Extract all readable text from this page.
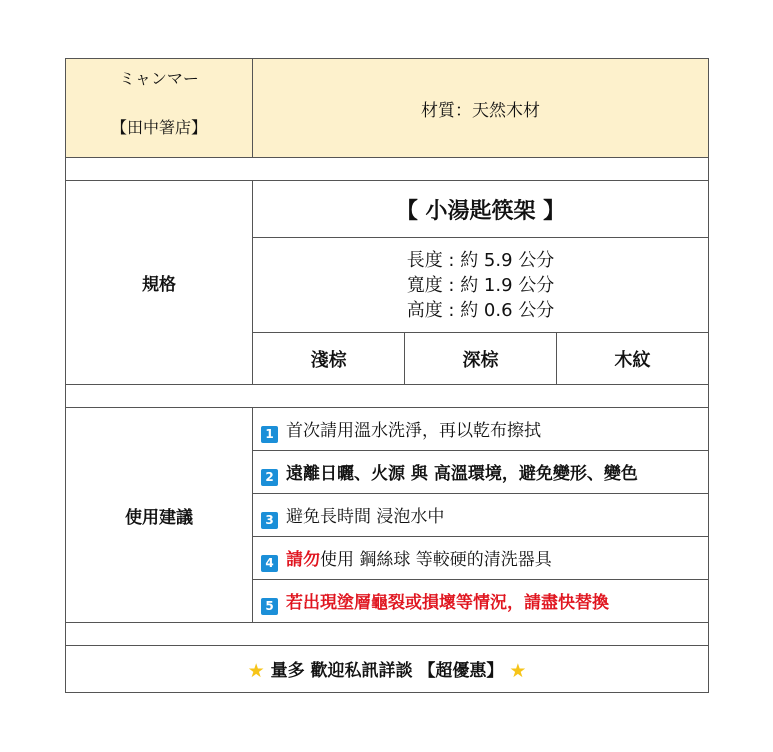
ミャンマー
【田中箸店】
	材質：天然木材

規格	【 小湯匙筷架 】

長度 : 約 5.9 公分
寬度 : 約 1.9 公分
高度 : 約 0.6 公分

淺棕	深棕	木紋

使用建議	1 首次請用溫水洗淨，再以乾布擦拭
2 遠離日曬、火源 與 高溫環境，避免變形、變色
3 避免長時間 浸泡水中
4 請勿使用 鋼絲球 等較硬的清洗器具
5 若出現塗層龜裂或損壞等情況，請盡快替換

★ 量多 歡迎私訊詳談 【超優惠】 ★
